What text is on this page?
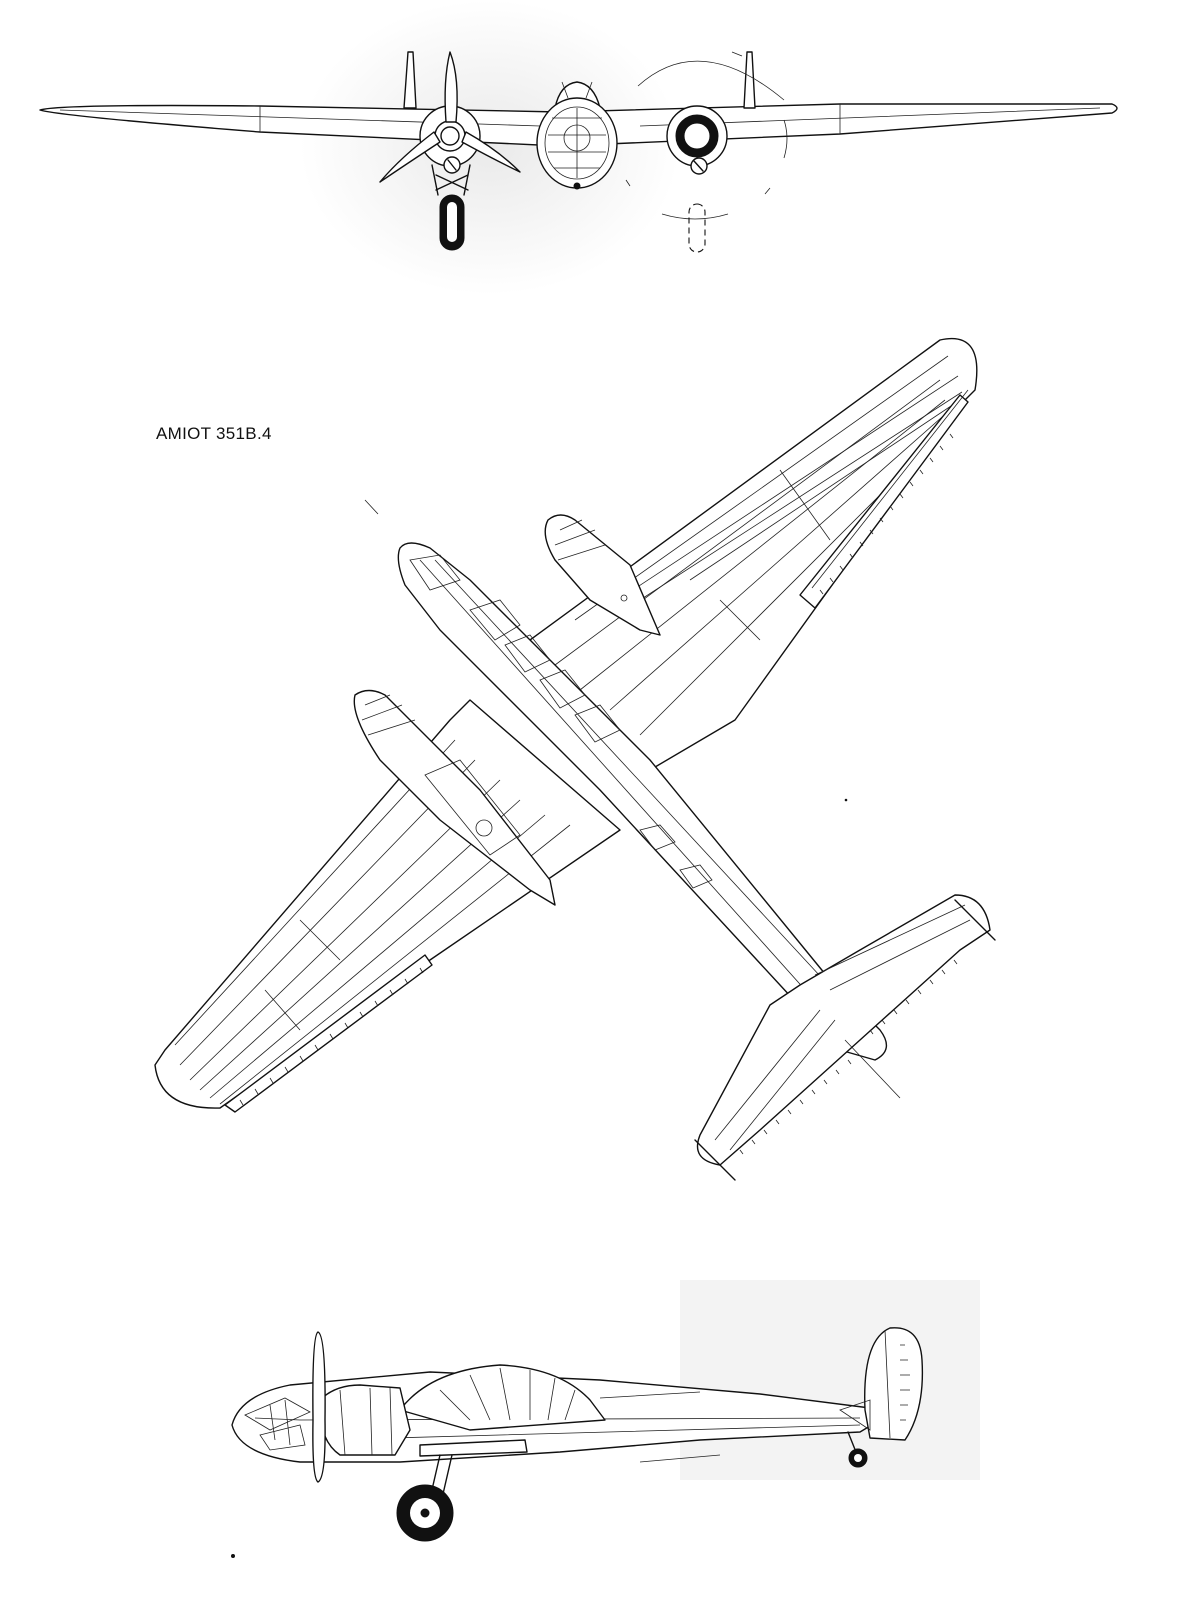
AMIOT 351B.4
